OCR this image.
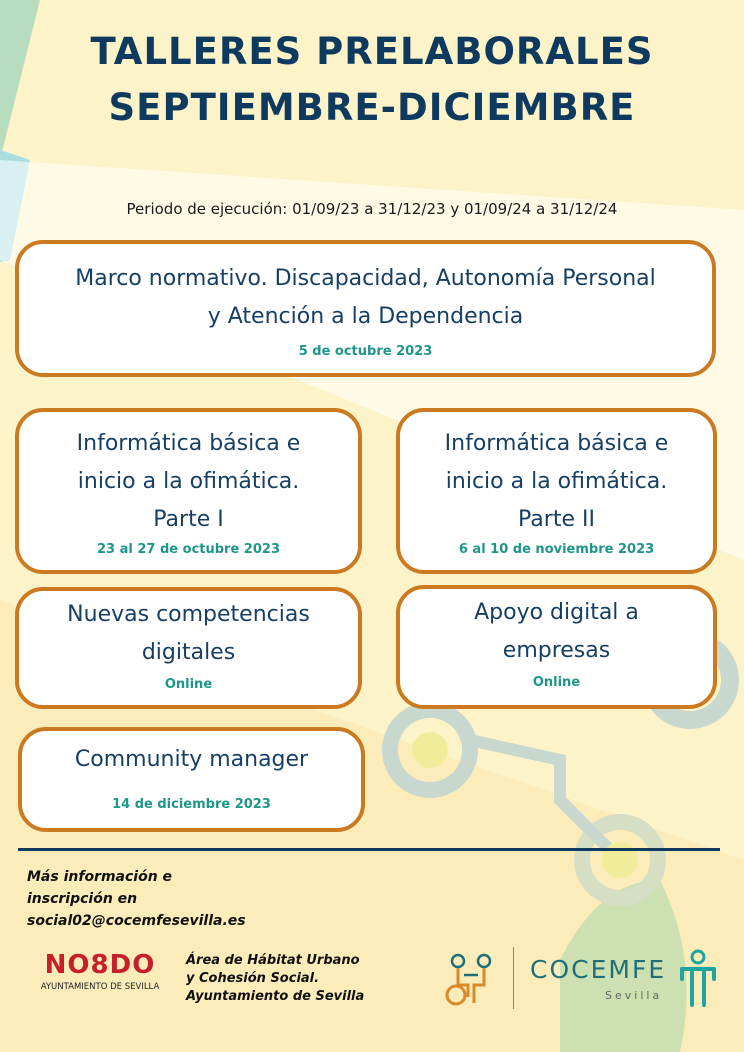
TALLERES PRELABORALES
SEPTIEMBRE-DICIEMBRE
Periodo de ejecución: 01/09/23 a 31/12/23 y 01/09/24 a 31/12/24
Marco normativo. Discapacidad, Autonomía Personal
y Atención a la Dependencia
5 de octubre 2023
Informática básica e
inicio a la ofimática.
Parte I
23 al 27 de octubre 2023
Informática básica e
inicio a la ofimática.
Parte II
6 al 10 de noviembre 2023
Nuevas competencias
digitales
Online
Apoyo digital a
empresas
Online
Community manager
14 de diciembre 2023
Más información e
inscripción en
social02@cocemfesevilla.es
NO8DO
AYUNTAMIENTO DE SEVILLA
Área de Hábitat Urbano
y Cohesión Social.
Ayuntamiento de Sevilla
COCEMFE
Sevilla
